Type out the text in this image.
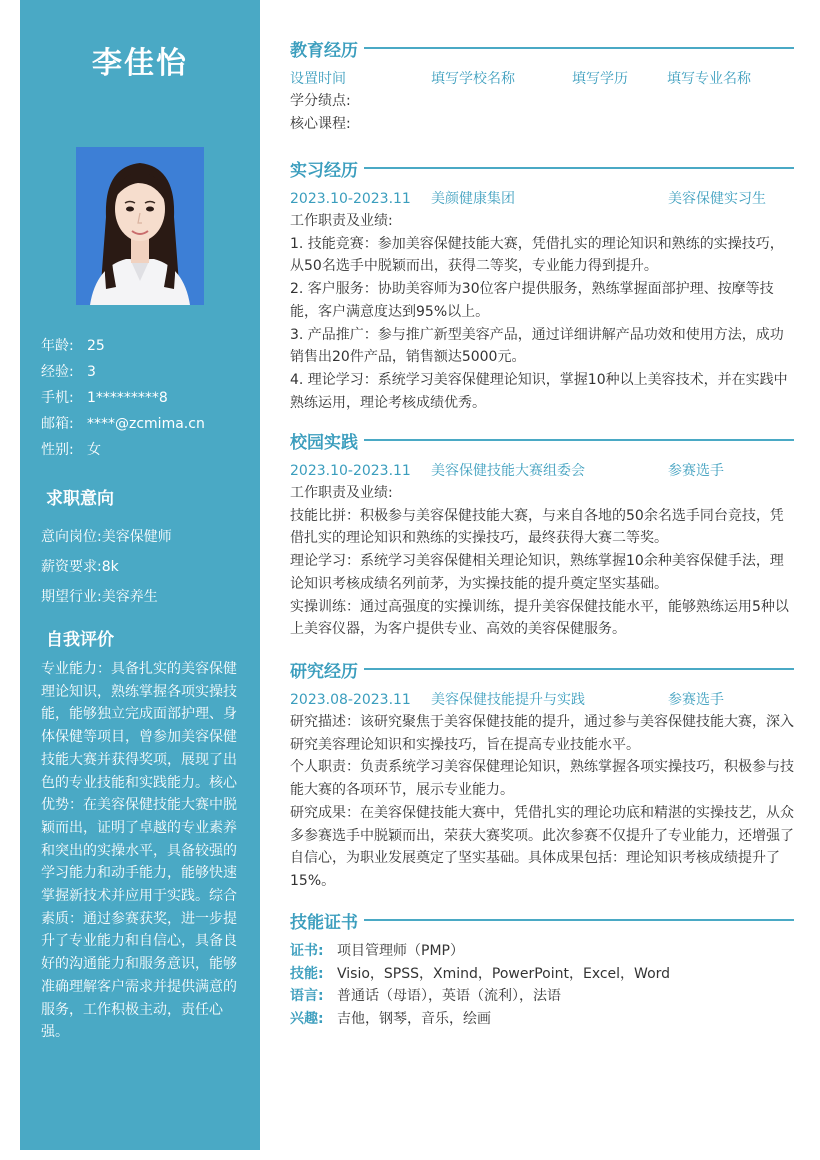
李佳怡
年龄: 25
经验: 3
手机: 1*********8
邮箱: ****@zcmima.cn
性别: 女
求职意向
意向岗位:美容保健师
薪资要求:8k
期望行业:美容养生
自我评价
专业能力：具备扎实的美容保健理论知识，熟练掌握各项实操技能，能够独立完成面部护理、身体保健等项目，曾参加美容保健技能大赛并获得奖项，展现了出色的专业技能和实践能力。核心优势：在美容保健技能大赛中脱颖而出，证明了卓越的专业素养和突出的实操水平，具备较强的学习能力和动手能力，能够快速掌握新技术并应用于实践。综合素质：通过参赛获奖，进一步提升了专业能力和自信心，具备良好的沟通能力和服务意识，能够准确理解客户需求并提供满意的服务，工作积极主动，责任心强。
教育经历
设置时间	填写学校名称	填写学历	填写专业名称
学分绩点:
核心课程:
实习经历
2023.10-2023.11	美颜健康集团	美容保健实习生
工作职责及业绩:
1. 技能竞赛：参加美容保健技能大赛，凭借扎实的理论知识和熟练的实操技巧，从50名选手中脱颖而出，获得二等奖，专业能力得到提升。
2. 客户服务：协助美容师为30位客户提供服务，熟练掌握面部护理、按摩等技能，客户满意度达到95%以上。
3. 产品推广：参与推广新型美容产品，通过详细讲解产品功效和使用方法，成功销售出20件产品，销售额达5000元。
4. 理论学习：系统学习美容保健理论知识，掌握10种以上美容技术，并在实践中熟练运用，理论考核成绩优秀。
校园实践
2023.10-2023.11	美容保健技能大赛组委会	参赛选手
工作职责及业绩:
技能比拼：积极参与美容保健技能大赛，与来自各地的50余名选手同台竞技，凭借扎实的理论知识和熟练的实操技巧，最终获得大赛二等奖。
理论学习：系统学习美容保健相关理论知识，熟练掌握10余种美容保健手法，理论知识考核成绩名列前茅，为实操技能的提升奠定坚实基础。
实操训练：通过高强度的实操训练，提升美容保健技能水平，能够熟练运用5种以上美容仪器，为客户提供专业、高效的美容保健服务。
研究经历
2023.08-2023.11	美容保健技能提升与实践	参赛选手
研究描述：该研究聚焦于美容保健技能的提升，通过参与美容保健技能大赛，深入研究美容理论知识和实操技巧，旨在提高专业技能水平。
个人职责：负责系统学习美容保健理论知识，熟练掌握各项实操技巧，积极参与技能大赛的各项环节，展示专业能力。
研究成果：在美容保健技能大赛中，凭借扎实的理论功底和精湛的实操技艺，从众多参赛选手中脱颖而出，荣获大赛奖项。此次参赛不仅提升了专业能力，还增强了自信心，为职业发展奠定了坚实基础。具体成果包括：理论知识考核成绩提升了15%。
技能证书
证书: 项目管理师（PMP）
技能: Visio，SPSS，Xmind，PowerPoint，Excel，Word
语言: 普通话（母语），英语（流利），法语
兴趣: 吉他，钢琴，音乐，绘画
